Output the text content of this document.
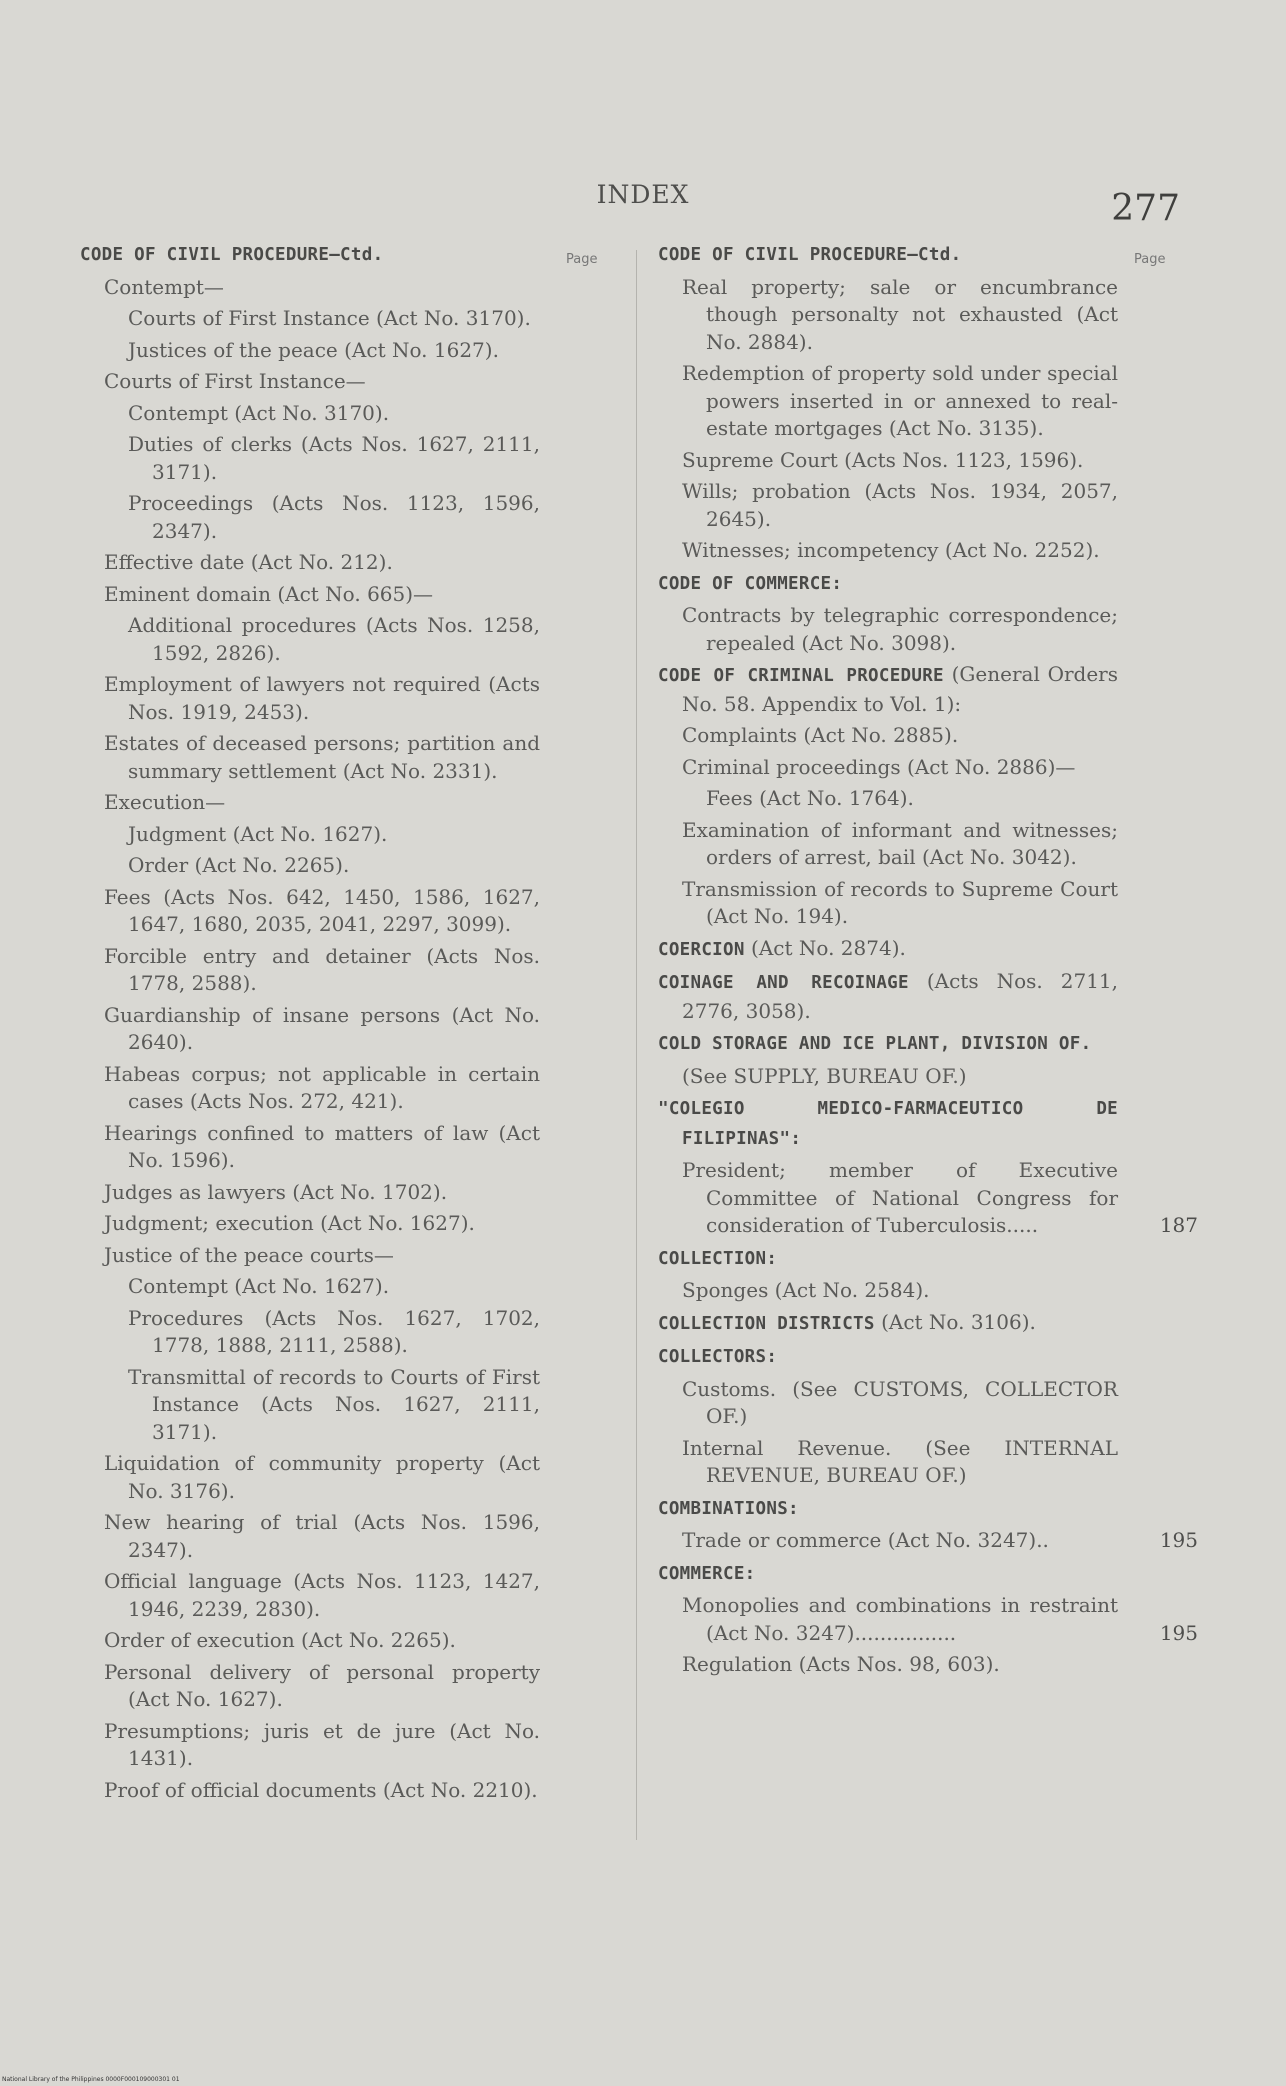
INDEX	277
Page	Page
CODE OF CIVIL PROCEDURE—Ctd.
Contempt—
Courts of First Instance (Act No. 3170).
Justices of the peace (Act No. 1627).
Courts of First Instance—
Contempt (Act No. 3170).
Duties of clerks (Acts Nos. 1627, 2111, 3171).
Proceedings (Acts Nos. 1123, 1596, 2347).
Effective date (Act No. 212).
Eminent domain (Act No. 665)—
Additional procedures (Acts Nos. 1258, 1592, 2826).
Employment of lawyers not required (Acts Nos. 1919, 2453).
Estates of deceased persons; partition and summary settlement (Act No. 2331).
Execution—
Judgment (Act No. 1627).
Order (Act No. 2265).
Fees (Acts Nos. 642, 1450, 1586, 1627, 1647, 1680, 2035, 2041, 2297, 3099).
Forcible entry and detainer (Acts Nos. 1778, 2588).
Guardianship of insane persons (Act No. 2640).
Habeas corpus; not applicable in certain cases (Acts Nos. 272, 421).
Hearings confined to matters of law (Act No. 1596).
Judges as lawyers (Act No. 1702).
Judgment; execution (Act No. 1627).
Justice of the peace courts—
Contempt (Act No. 1627).
Procedures (Acts Nos. 1627, 1702, 1778, 1888, 2111, 2588).
Transmittal of records to Courts of First Instance (Acts Nos. 1627, 2111, 3171).
Liquidation of community property (Act No. 3176).
New hearing of trial (Acts Nos. 1596, 2347).
Official language (Acts Nos. 1123, 1427, 1946, 2239, 2830).
Order of execution (Act No. 2265).
Personal delivery of personal property (Act No. 1627).
Presumptions; juris et de jure (Act No. 1431).
Proof of official documents (Act No. 2210).
CODE OF CIVIL PROCEDURE—Ctd.
Real property; sale or encumbrance though personalty not exhausted (Act No. 2884).
Redemption of property sold under special powers inserted in or annexed to real-estate mortgages (Act No. 3135).
Supreme Court (Acts Nos. 1123, 1596).
Wills; probation (Acts Nos. 1934, 2057, 2645).
Witnesses; incompetency (Act No. 2252).
CODE OF COMMERCE:
Contracts by telegraphic correspondence; repealed (Act No. 3098).
CODE OF CRIMINAL PROCEDURE (General Orders No. 58. Appendix to Vol. 1):
Complaints (Act No. 2885).
Criminal proceedings (Act No. 2886)—
Fees (Act No. 1764).
Examination of informant and witnesses; orders of arrest, bail (Act No. 3042).
Transmission of records to Supreme Court (Act No. 194).
COERCION (Act No. 2874).
COINAGE AND RECOINAGE (Acts Nos. 2711, 2776, 3058).
COLD STORAGE AND ICE PLANT, DIVISION OF.
(See SUPPLY, BUREAU OF.)
"COLEGIO MEDICO-FARMACEUTICO DE FILIPINAS":
President; member of Executive Committee of National Congress for consideration of Tuberculosis.....	187
COLLECTION:
Sponges (Act No. 2584).
COLLECTION DISTRICTS (Act No. 3106).
COLLECTORS:
Customs. (See CUSTOMS, COLLECTOR OF.)
Internal Revenue. (See INTERNAL REVENUE, BUREAU OF.)
COMBINATIONS:
Trade or commerce (Act No. 3247)..	195
COMMERCE:
Monopolies and combinations in restraint (Act No. 3247)................	195
Regulation (Acts Nos. 98, 603).
National Library of the Philippines 0000F000109000301 01
